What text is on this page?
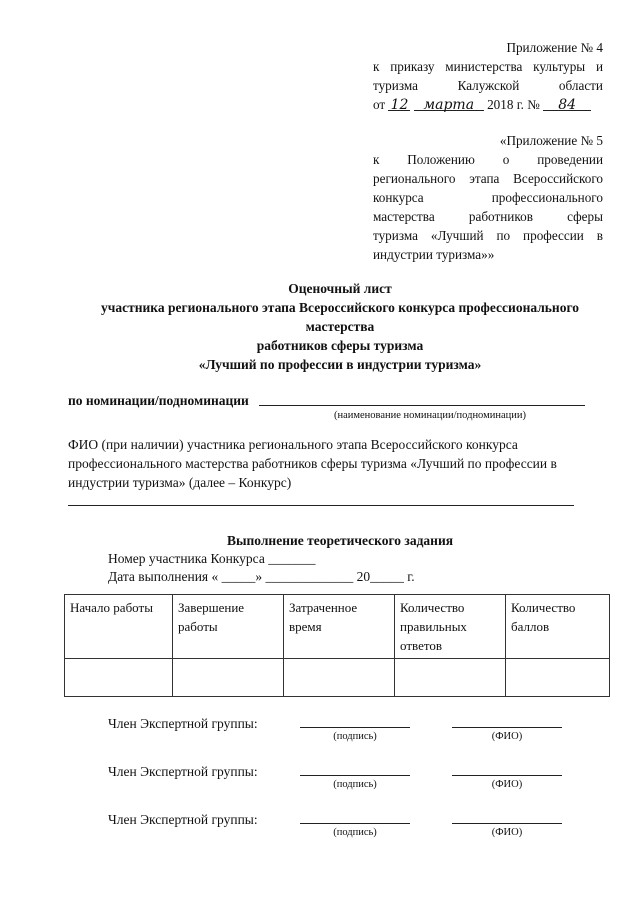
Приложение № 4
к приказу министерства культуры и
туризма Калужской области
от 12 марта 2018 г. № 84
«Приложение № 5
к Положению о проведении
регионального этапа Всероссийского
конкурса профессионального
мастерства работников сферы
туризма «Лучший по профессии в
индустрии туризма»»
Оценочный лист
участника регионального этапа Всероссийского конкурса профессионального
мастерства
работников сферы туризма
«Лучший по профессии в индустрии туризма»
по номинации/подноминации
(наименование номинации/подноминации)
ФИО (при наличии) участника регионального этапа Всероссийского конкурса
профессионального мастерства работников сферы туризма «Лучший по профессии в
индустрии туризма» (далее – Конкурс)
Выполнение теоретического задания
Номер участника Конкурса _______
Дата выполнения « _____» _____________ 20_____ г.
Начало работы	Завершение работы	Затраченное время	Количество правильных ответов	Количество баллов

Член Экспертной группы:
(подпись)	(ФИО)
Член Экспертной группы:
(подпись)	(ФИО)
Член Экспертной группы:
(подпись)	(ФИО)
